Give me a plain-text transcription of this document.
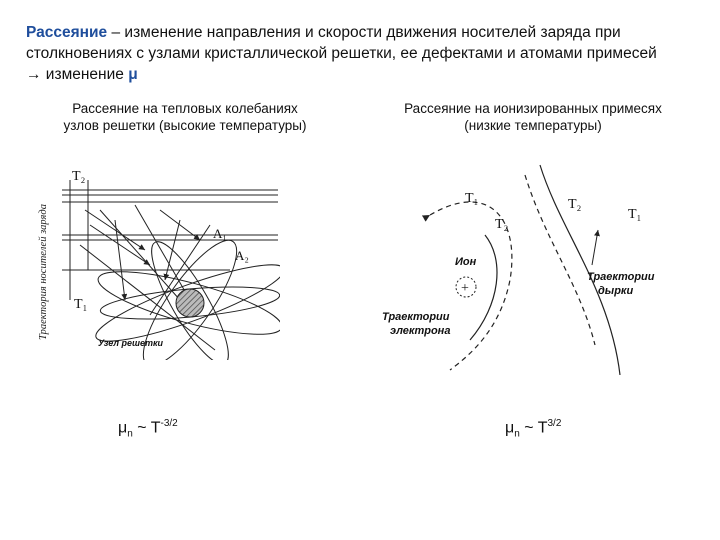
Рассеяние – изменение направления и скорости движения носителей заряда при столкновениях с узлами кристаллической решетки, ее дефектами и атомами примесей
→ изменение μ
Рассеяние на тепловых колебаниях
узлов решетки (высокие температуры)
Рассеяние на ионизированных примесях
(низкие температуры)
Траектория носителей заряда
T₂
T₁
A₁
A₂
Узел решетки
+
T₁
T₂
T₂
T₁
Ион
Траектории
электрона
Траектории
дырки
$\mu_n$ ~ $T^{-3/2}$	$\mu_n$ ~ $T^{3/2}$
